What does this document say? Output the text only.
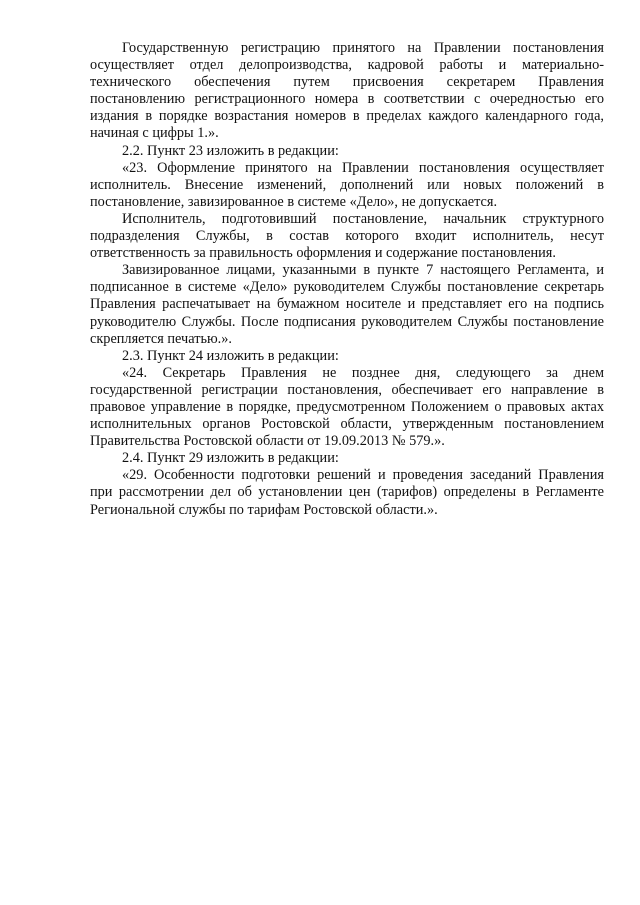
Государственную регистрацию принятого на Правлении постановления осуществляет отдел делопроизводства, кадровой работы и материально-технического обеспечения путем присвоения секретарем Правления постановлению регистрационного номера в соответствии с очередностью его издания в порядке возрастания номеров в пределах каждого календарного года, начиная с цифры 1.».

2.2. Пункт 23 изложить в редакции:

«23. Оформление принятого на Правлении постановления осуществляет исполнитель. Внесение изменений, дополнений или новых положений в постановление, завизированное в системе «Дело», не допускается.

Исполнитель, подготовивший постановление, начальник структурного подразделения Службы, в состав которого входит исполнитель, несут ответственность за правильность оформления и содержание постановления.

Завизированное лицами, указанными в пункте 7 настоящего Регламента, и подписанное в системе «Дело» руководителем Службы постановление секретарь Правления распечатывает на бумажном носителе и представляет его на подпись руководителю Службы. После подписания руководителем Службы постановление скрепляется печатью.».

2.3. Пункт 24 изложить в редакции:

«24. Секретарь Правления не позднее дня, следующего за днем государственной регистрации постановления, обеспечивает его направление в правовое управление в порядке, предусмотренном Положением о правовых актах исполнительных органов Ростовской области, утвержденным постановлением Правительства Ростовской области от 19.09.2013 № 579.».

2.4. Пункт 29 изложить в редакции:

«29. Особенности подготовки решений и проведения заседаний Правления при рассмотрении дел об установлении цен (тарифов) определены в Регламенте Региональной службы по тарифам Ростовской области.».
